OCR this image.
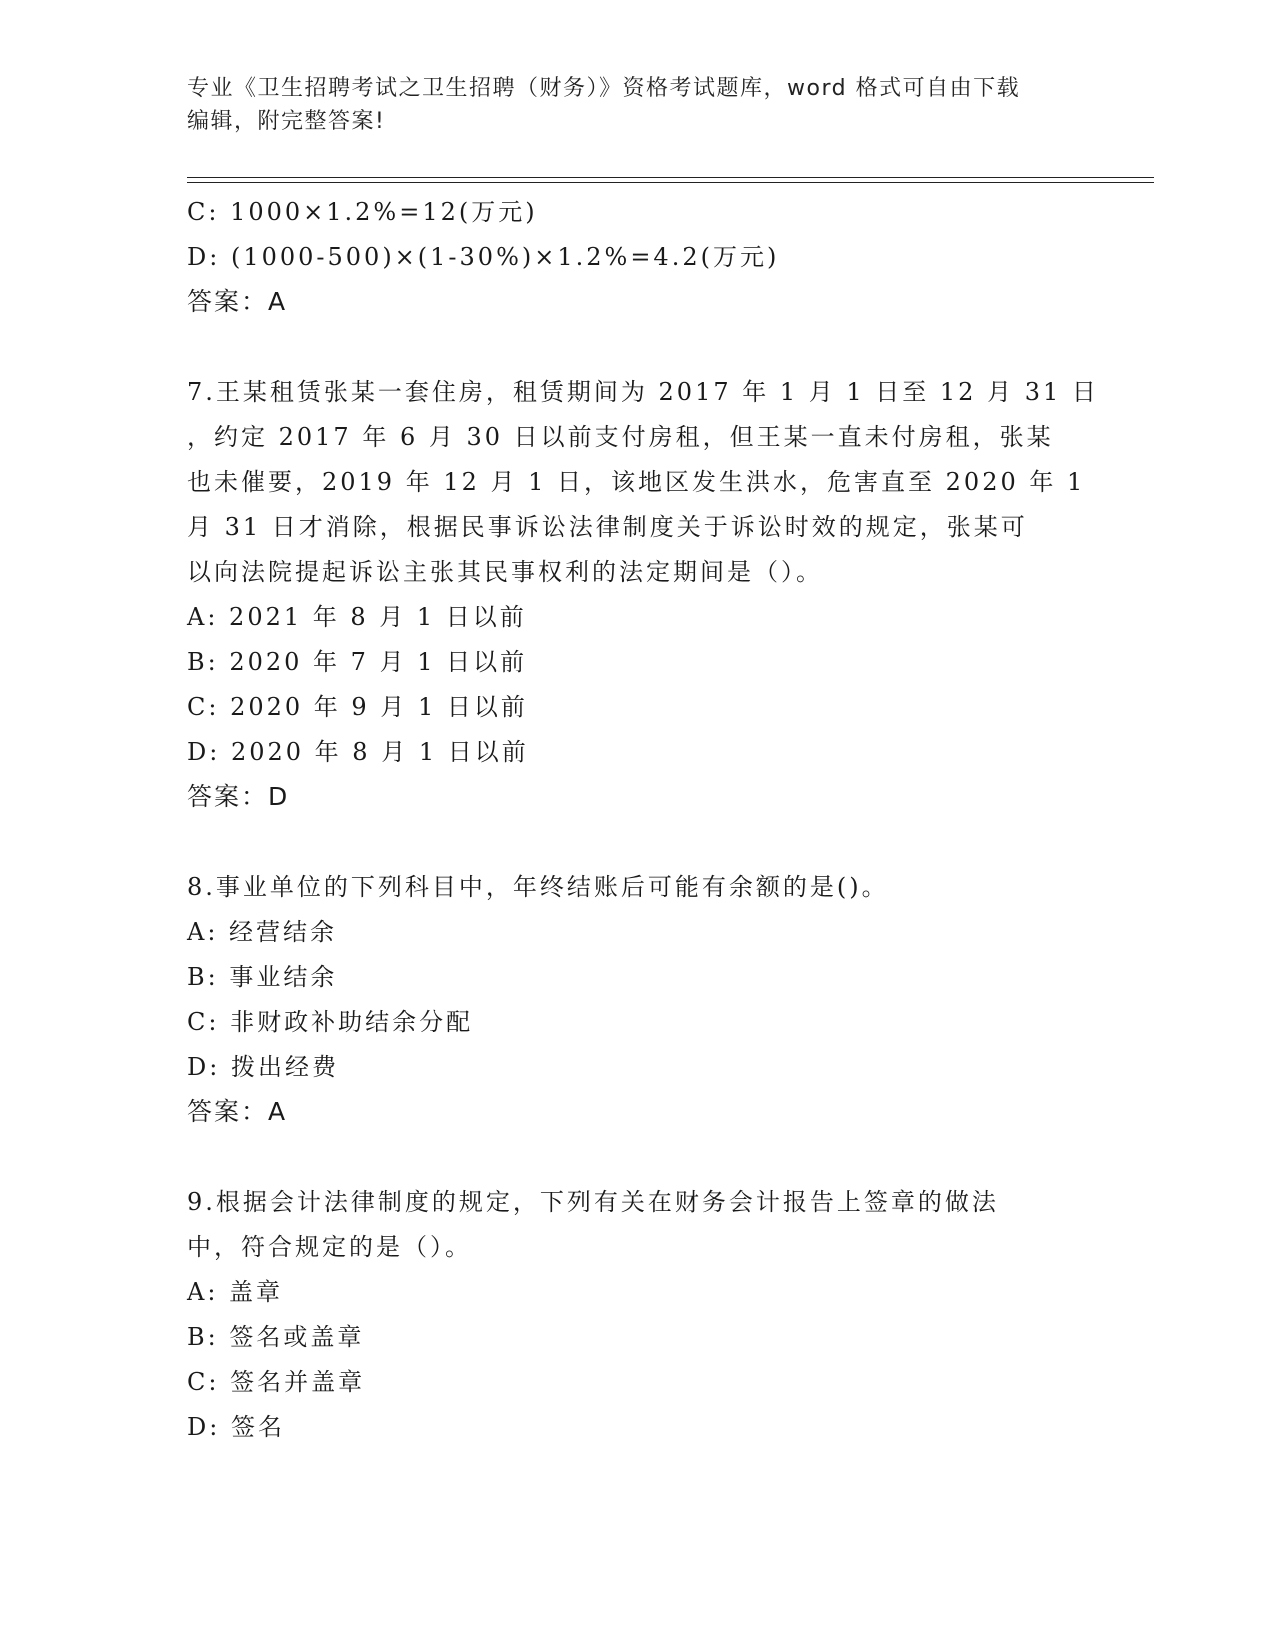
专业《卫生招聘考试之卫生招聘（财务）》资格考试题库，word 格式可自由下载
编辑，附完整答案!
C: 1000×1.2%=12(万元)
D: (1000-500)×(1-30%)×1.2%=4.2(万元)
答案：A
7.王某租赁张某一套住房，租赁期间为 2017 年 1 月 1 日至 12 月 31 日
，约定 2017 年 6 月 30 日以前支付房租，但王某一直未付房租，张某
也未催要，2019 年 12 月 1 日，该地区发生洪水，危害直至 2020 年 1
月 31 日才消除，根据民事诉讼法律制度关于诉讼时效的规定，张某可
以向法院提起诉讼主张其民事权利的法定期间是（）。
A: 2021 年 8 月 1 日以前
B: 2020 年 7 月 1 日以前
C: 2020 年 9 月 1 日以前
D: 2020 年 8 月 1 日以前
答案：D
8.事业单位的下列科目中，年终结账后可能有余额的是()。
A: 经营结余
B: 事业结余
C: 非财政补助结余分配
D: 拨出经费
答案：A
9.根据会计法律制度的规定，下列有关在财务会计报告上签章的做法
中，符合规定的是（）。
A: 盖章
B: 签名或盖章
C: 签名并盖章
D: 签名
